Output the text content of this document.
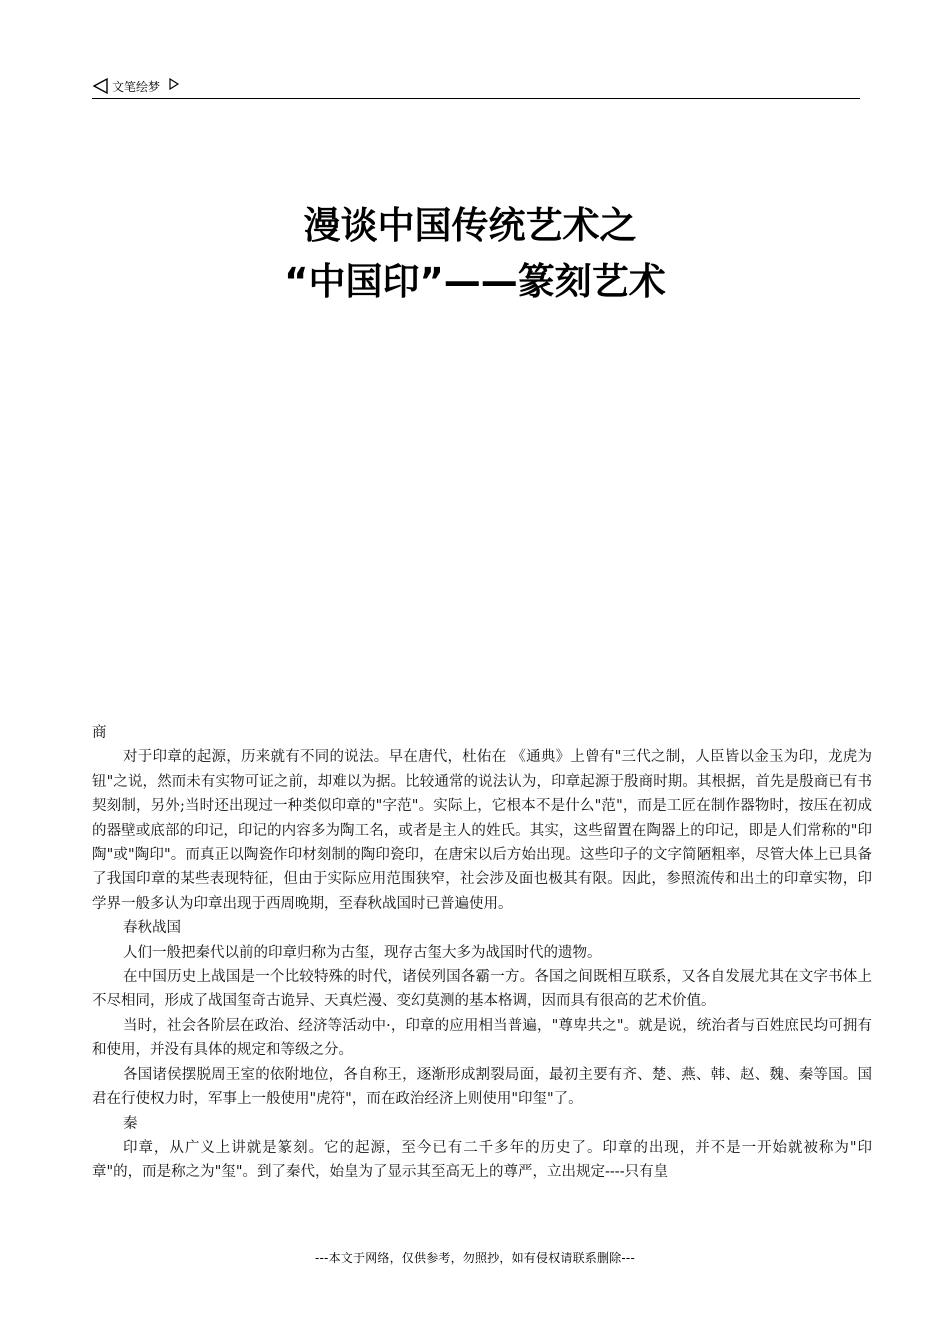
文笔绘梦
漫谈中国传统艺术之
“中国印”——篆刻艺术

商

对于印章的起源，历来就有不同的说法。早在唐代，杜佑在 《通典》上曾有"三代之制，人臣皆以金玉为印，龙虎为钮"之说，然而未有实物可证之前，却难以为据。比较通常的说法认为，印章起源于殷商时期。其根据，首先是殷商已有书契刻制，另外;当时还出现过一种类似印章的"字范"。实际上，它根本不是什么"范"，而是工匠在制作器物时，按压在初成的器壁或底部的印记，印记的内容多为陶工名，或者是主人的姓氏。其实，这些留置在陶器上的印记，即是人们常称的"印陶"或"陶印"。而真正以陶瓷作印材刻制的陶印瓷印，在唐宋以后方始出现。这些印子的文字简陋粗率，尽管大体上已具备了我国印章的某些表现特征，但由于实际应用范围狭窄，社会涉及面也极其有限。因此，参照流传和出土的印章实物，印学界一般多认为印章出现于西周晚期，至春秋战国时已普遍使用。

春秋战国

人们一般把秦代以前的印章归称为古玺，现存古玺大多为战国时代的遗物。

在中国历史上战国是一个比较特殊的时代，诸侯列国各霸一方。各国之间既相互联系，又各自发展尤其在文字书体上不尽相同，形成了战国玺奇古诡异、天真烂漫、变幻莫测的基本格调，因而具有很高的艺术价值。

当时，社会各阶层在政治、经济等活动中·，印章的应用相当普遍，"尊卑共之"。就是说，统治者与百姓庶民均可拥有和使用，并没有具体的规定和等级之分。

各国诸侯摆脱周王室的依附地位，各自称王，逐渐形成割裂局面，最初主要有齐、楚、燕、韩、赵、魏、秦等国。国君在行使权力时，军事上一般使用"虎符"，而在政治经济上则使用"印玺"了。

秦

印章，从广义上讲就是篆刻。它的起源，至今已有二千多年的历史了。印章的出现，并不是一开始就被称为"印章"的，而是称之为"玺"。到了秦代，始皇为了显示其至高无上的尊严，立出规定----只有皇

---本文于网络，仅供参考，勿照抄，如有侵权请联系删除---
